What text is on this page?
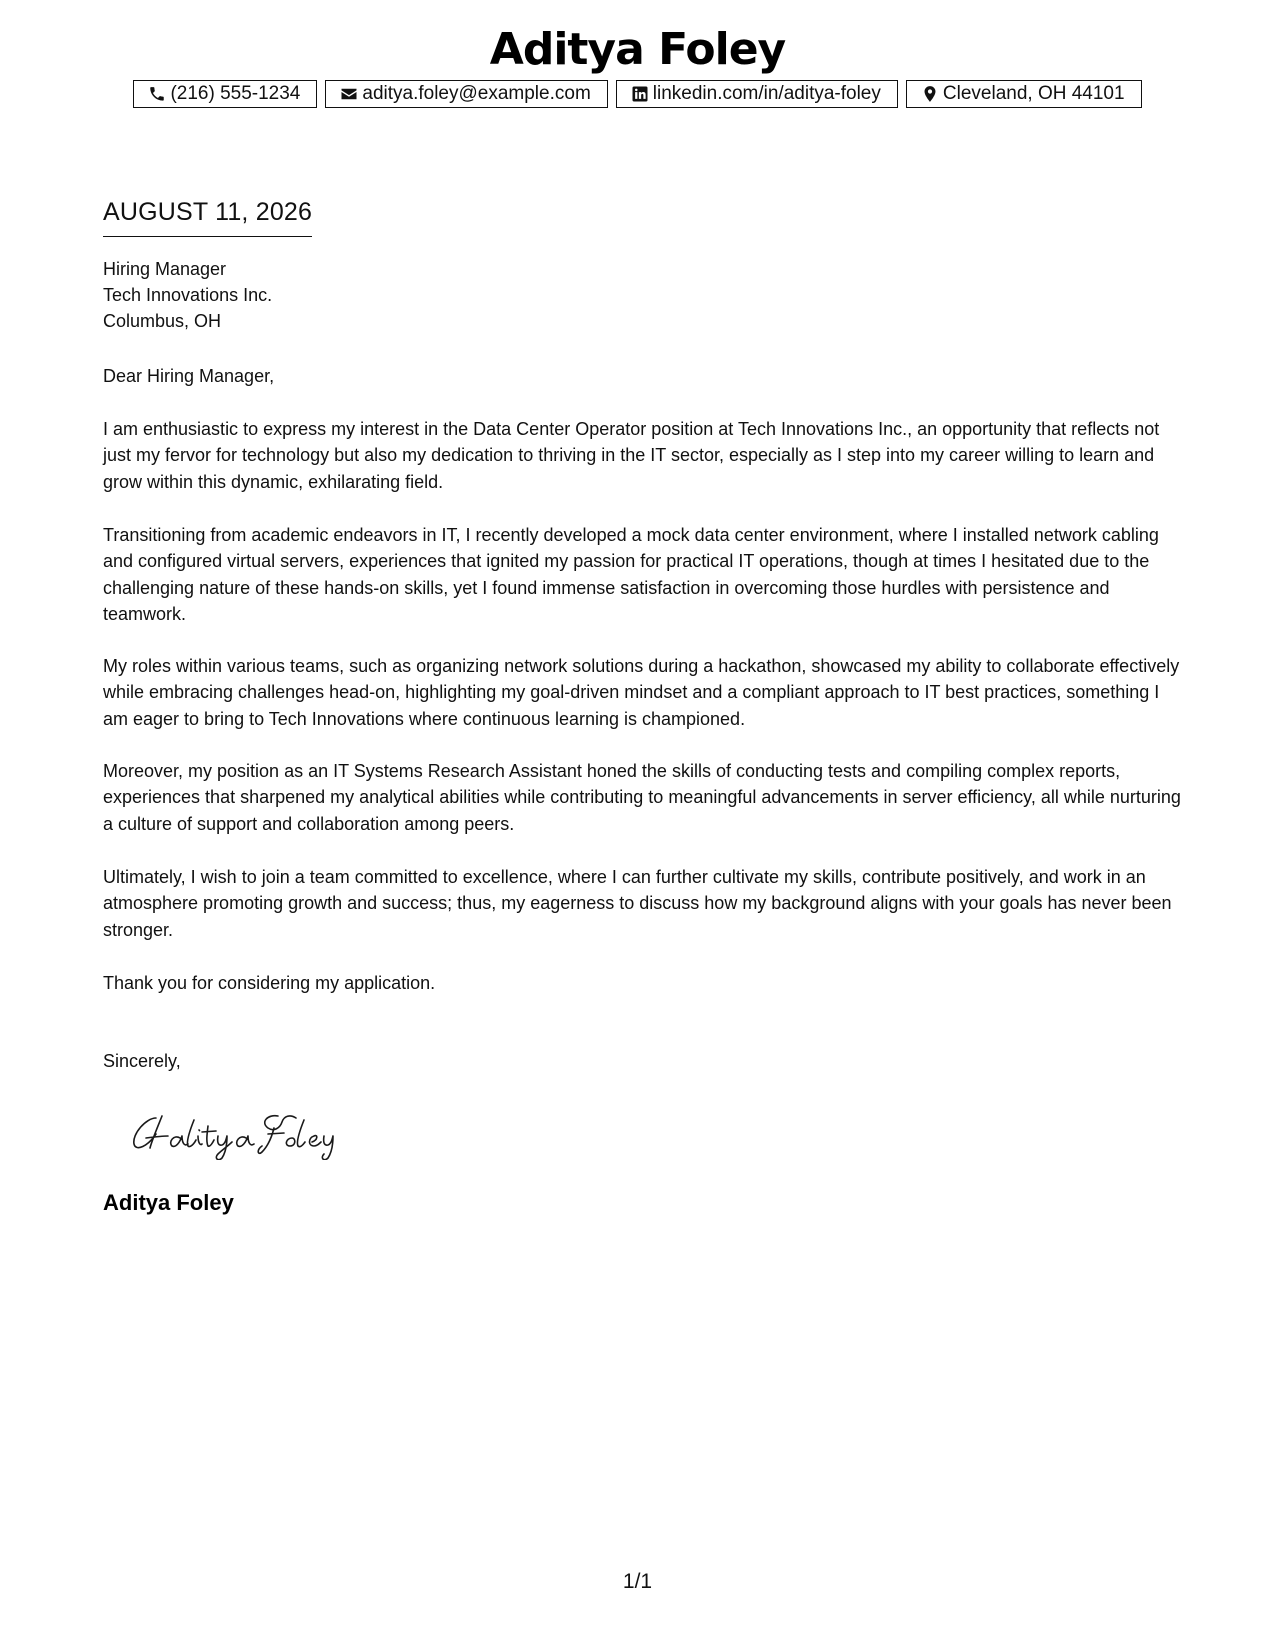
Aditya Foley
(216) 555-1234	aditya.foley@example.com	linkedin.com/in/aditya-foley	Cleveland, OH 44101
AUGUST 11, 2026
Hiring Manager
Tech Innovations Inc.
Columbus, OH
Dear Hiring Manager,

I am enthusiastic to express my interest in the Data Center Operator position at Tech Innovations Inc., an opportunity that reflects not just my fervor for technology but also my dedication to thriving in the IT sector, especially as I step into my career willing to learn and grow within this dynamic, exhilarating field.

Transitioning from academic endeavors in IT, I recently developed a mock data center environment, where I installed network cabling and configured virtual servers, experiences that ignited my passion for practical IT operations, though at times I hesitated due to the challenging nature of these hands-on skills, yet I found immense satisfaction in overcoming those hurdles with persistence and teamwork.

My roles within various teams, such as organizing network solutions during a hackathon, showcased my ability to collaborate effectively while embracing challenges head-on, highlighting my goal-driven mindset and a compliant approach to IT best practices, something I am eager to bring to Tech Innovations where continuous learning is championed.

Moreover, my position as an IT Systems Research Assistant honed the skills of conducting tests and compiling complex reports, experiences that sharpened my analytical abilities while contributing to meaningful advancements in server efficiency, all while nurturing a culture of support and collaboration among peers.

Ultimately, I wish to join a team committed to excellence, where I can further cultivate my skills, contribute positively, and work in an atmosphere promoting growth and success; thus, my eagerness to discuss how my background aligns with your goals has never been stronger.

Thank you for considering my application.
Sincerely,
Aditya Foley
1/1
